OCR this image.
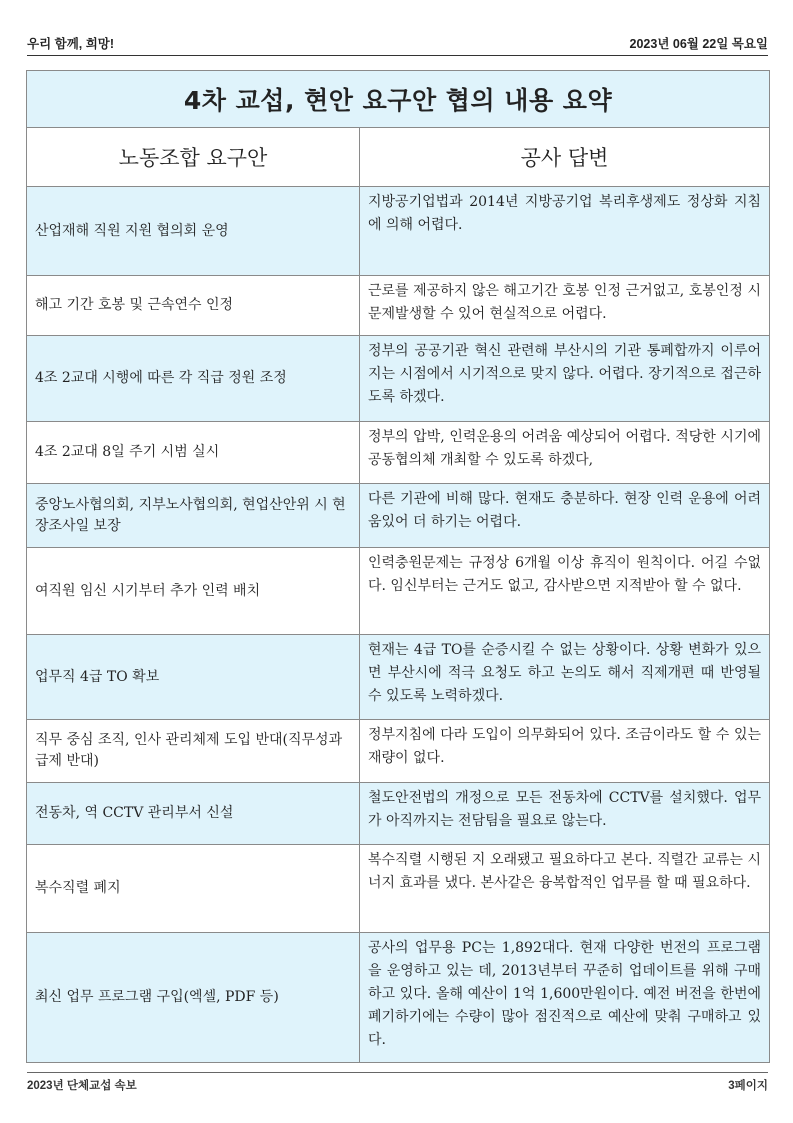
우리 함께, 희망!	2023년 06월 22일 목요일
4차 교섭, 현안 요구안 협의 내용 요약	
노동조합 요구안	공사 답변
산업재해 직원 지원 협의회 운영	지방공기업법과 2014년 지방공기업 복리후생제도 정상화 지침에 의해 어렵다.
해고 기간 호봉 및 근속연수 인정	근로를 제공하지 않은 해고기간 호봉 인정 근거없고, 호봉인정 시 문제발생할 수 있어 현실적으로 어렵다.
4조 2교대 시행에 따른 각 직급 정원 조정	정부의 공공기관 혁신 관련해 부산시의 기관 통폐합까지 이루어지는 시점에서 시기적으로 맞지 않다. 어렵다. 장기적으로 접근하도록 하겠다.
4조 2교대 8일 주기 시범 실시	정부의 압박, 인력운용의 어려움 예상되어 어렵다. 적당한 시기에 공동협의체 개최할 수 있도록 하겠다,
중앙노사협의회, 지부노사협의회, 현업산안위 시 현장조사일 보장	다른 기관에 비해 많다. 현재도 충분하다. 현장 인력 운용에 어려움있어 더 하기는 어렵다.
여직원 임신 시기부터 추가 인력 배치	인력충원문제는 규정상 6개월 이상 휴직이 원칙이다. 어길 수없다. 임신부터는 근거도 없고, 감사받으면 지적받아 할 수 없다.
업무직 4급 TO 확보	현재는 4급 TO를 순증시킬 수 없는 상황이다. 상황 변화가 있으면 부산시에 적극 요청도 하고 논의도 해서 직제개편 때 반영될 수 있도록 노력하겠다.
직무 중심 조직, 인사 관리체제 도입 반대(직무성과급제 반대)	정부지침에 다라 도입이 의무화되어 있다. 조금이라도 할 수 있는 재량이 없다.
전동차, 역 CCTV 관리부서 신설	철도안전법의 개정으로 모든 전동차에 CCTV를 설치했다. 업무가 아직까지는 전담팀을 필요로 않는다.
복수직렬 폐지	복수직렬 시행된 지 오래됐고 필요하다고 본다. 직렬간 교류는 시너지 효과를 냈다. 본사같은 융복합적인 업무를 할 때 필요하다.
최신 업무 프로그램 구입(엑셀, PDF 등)	공사의 업무용 PC는 1,892대다. 현재 다양한 번전의 프로그램을 운영하고 있는 데, 2013년부터 꾸준히 업데이트를 위해 구매하고 있다. 올해 예산이 1억 1,600만원이다. 예전 버전을 한번에 폐기하기에는 수량이 많아 점진적으로 예산에 맞춰 구매하고 있다.
2023년 단체교섭 속보	3페이지
